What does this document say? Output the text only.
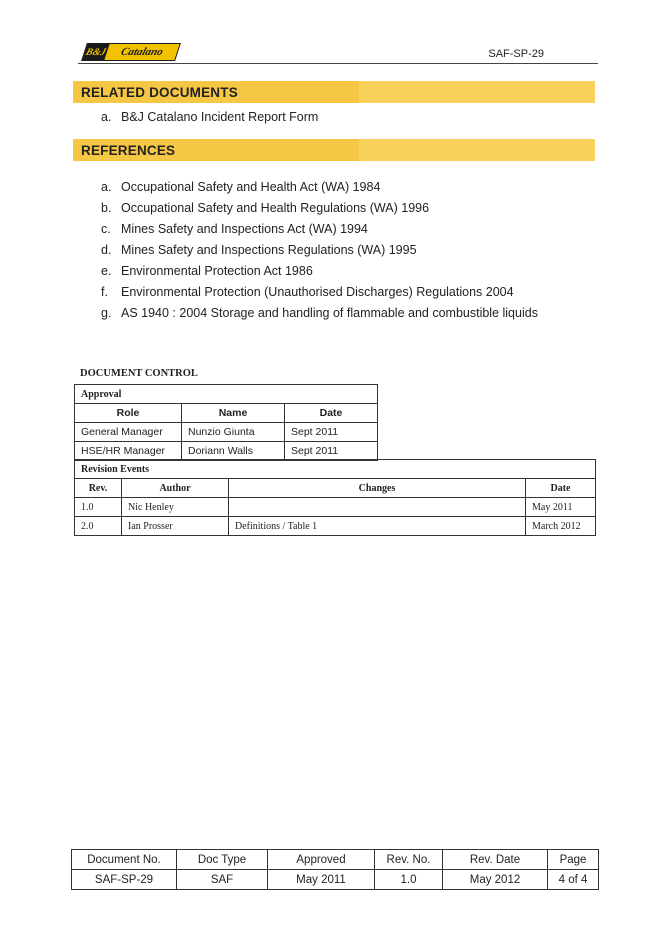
B&J	Catalano	SAF-SP-29
RELATED DOCUMENTS
a. B&J Catalano Incident Report Form
REFERENCES
a. Occupational Safety and Health Act (WA) 1984
b. Occupational Safety and Health Regulations (WA) 1996
c. Mines Safety and Inspections Act (WA) 1994
d. Mines Safety and Inspections Regulations (WA) 1995
e. Environmental Protection Act 1986
f.	Environmental Protection (Unauthorised Discharges) Regulations 2004
g. AS 1940 : 2004 Storage and handling of flammable and combustible liquids
DOCUMENT CONTROL
Approval		
Role	Name	Date
General Manager	Nunzio Giunta	Sept 2011
HSE/HR Manager	Doriann Walls	Sept 2011
Revision Events			
Rev.	Author	Changes	Date
1.0	Nic Henley		May 2011
2.0	Ian Prosser	Definitions / Table 1	March 2012
Document No.	Doc Type	Approved	Rev. No.	Rev. Date	Page
SAF-SP-29	SAF	May 2011	1.0	May 2012	4 of 4
